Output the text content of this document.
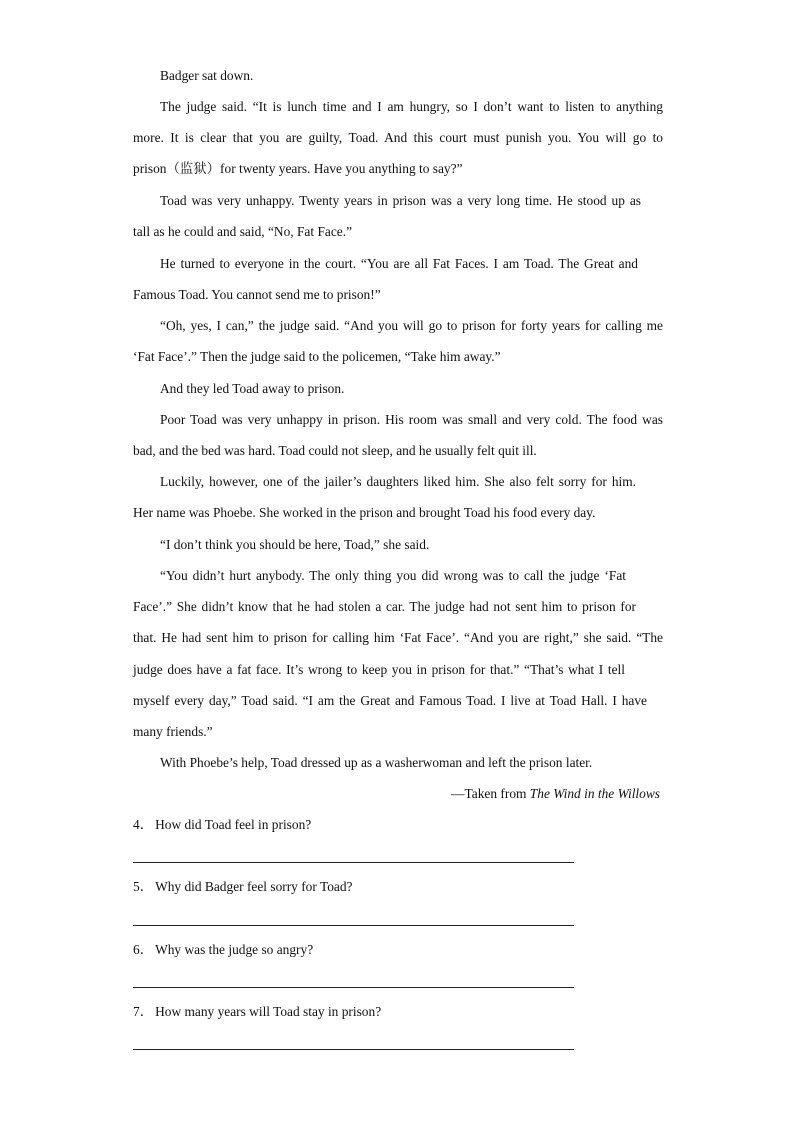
Badger sat down.
The judge said. “It is lunch time and I am hungry, so I don’t want to listen to anything
more. It is clear that you are guilty, Toad. And this court must punish you. You will go to
prison（监狱）for twenty years. Have you anything to say?”
Toad was very unhappy. Twenty years in prison was a very long time. He stood up as
tall as he could and said, “No, Fat Face.”
He turned to everyone in the court. “You are all Fat Faces. I am Toad. The Great and
Famous Toad. You cannot send me to prison!”
“Oh, yes, I can,” the judge said. “And you will go to prison for forty years for calling me
‘Fat Face’.” Then the judge said to the policemen, “Take him away.”
And they led Toad away to prison.
Poor Toad was very unhappy in prison. His room was small and very cold. The food was
bad, and the bed was hard. Toad could not sleep, and he usually felt quit ill.
Luckily, however, one of the jailer’s daughters liked him. She also felt sorry for him.
Her name was Phoebe. She worked in the prison and brought Toad his food every day.
“I don’t think you should be here, Toad,” she said.
“You didn’t hurt anybody. The only thing you did wrong was to call the judge ‘Fat
Face’.” She didn’t know that he had stolen a car. The judge had not sent him to prison for
that. He had sent him to prison for calling him ‘Fat Face’. “And you are right,” she said. “The
judge does have a fat face. It’s wrong to keep you in prison for that.” “That’s what I tell
myself every day,” Toad said. “I am the Great and Famous Toad. I live at Toad Hall. I have
many friends.”
With Phoebe’s help, Toad dressed up as a washerwoman and left the prison later.
—Taken from The Wind in the Willows
4． How did Toad feel in prison?
5． Why did Badger feel sorry for Toad?
6． Why was the judge so angry?
7． How many years will Toad stay in prison?
